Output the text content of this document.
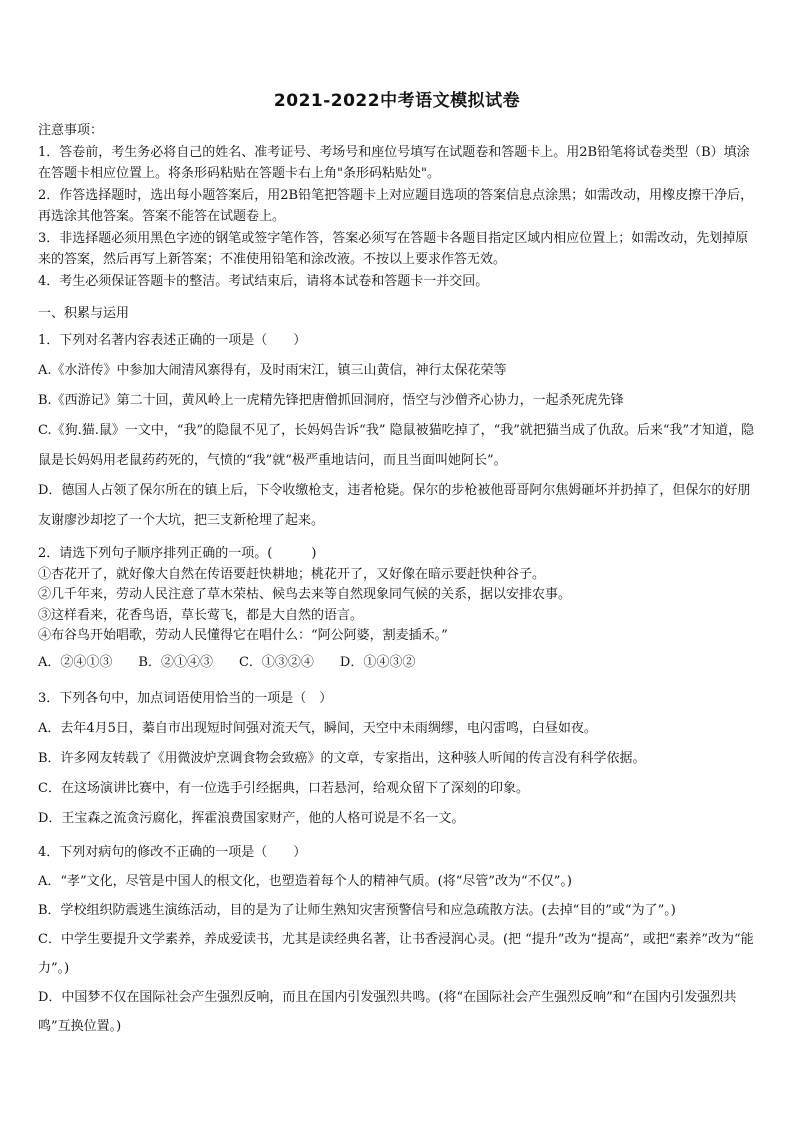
2021-2022中考语文模拟试卷

注意事项：

1．答卷前，考生务必将自己的姓名、准考证号、考场号和座位号填写在试题卷和答题卡上。用2B铅笔将试卷类型（B）填涂在答题卡相应位置上。将条形码粘贴在答题卡右上角"条形码粘贴处"。

2．作答选择题时，选出每小题答案后，用2B铅笔把答题卡上对应题目选项的答案信息点涂黑；如需改动，用橡皮擦干净后，再选涂其他答案。答案不能答在试题卷上。

3．非选择题必须用黑色字迹的钢笔或签字笔作答，答案必须写在答题卡各题目指定区域内相应位置上；如需改动，先划掉原来的答案，然后再写上新答案；不准使用铅笔和涂改液。不按以上要求作答无效。

4．考生必须保证答题卡的整洁。考试结束后，请将本试卷和答题卡一并交回。

一、积累与运用

1．下列对名著内容表述正确的一项是（　　）

A.《水浒传》中参加大闹清风寨得有，及时雨宋江，镇三山黄信，神行太保花荣等

B.《西游记》第二十回，黄风岭上一虎精先锋把唐僧抓回洞府，悟空与沙僧齐心协力，一起杀死虎先锋

C.《狗.猫.鼠》一文中，“我”的隐鼠不见了，长妈妈告诉“我” 隐鼠被猫吃掉了，“我”就把猫当成了仇敌。后来“我”才知道，隐鼠是长妈妈用老鼠药药死的，气愤的“我”就“极严重地诘问，而且当面叫她阿长”。

D．德国人占领了保尔所在的镇上后，下令收缴枪支，违者枪毙。保尔的步枪被他哥哥阿尔焦姆砸坏并扔掉了，但保尔的好朋友谢廖沙却挖了一个大坑，把三支新枪埋了起来。

2．请选下列句子顺序排列正确的一项。(　　　)

①杏花开了，就好像大自然在传语要赶快耕地；桃花开了，又好像在暗示要赶快种谷子。

②几千年来，劳动人民注意了草木荣枯、候鸟去来等自然现象同气候的关系，据以安排农事。

③这样看来，花香鸟语，草长莺飞，都是大自然的语言。

④布谷鸟开始唱歌，劳动人民懂得它在唱什么：“阿公阿婆，割麦插禾。”

A．②④①③ B．②①④③ C．①③②④ D．①④③②

3．下列各句中，加点词语使用恰当的一项是（　）

A．去年4月5日，蓁自市出现短时间强对流天气，瞬间，天空中未雨绸缪，电闪雷鸣，白昼如夜。

B．许多网友转载了《用微波炉烹调食物会致癌》的文章，专家指出，这种骇人听闻的传言没有科学依据。

C．在这场演讲比赛中，有一位选手引经据典，口若悬河，给观众留下了深刻的印象。

D．王宝森之流贪污腐化，挥霍浪费国家财产，他的人格可说是不名一文。

4．下列对病句的修改不正确的一项是（　　）

A．“孝”文化，尽管是中国人的根文化，也塑造着每个人的精神气质。(将“尽管”改为“不仅”。)

B．学校组织防震逃生演练活动，目的是为了让师生熟知灾害预警信号和应急疏散方法。(去掉“目的”或“为了”。)

C．中学生要提升文学素养，养成爱读书，尤其是读经典名著，让书香浸润心灵。(把 “提升”改为“提高”，或把“素养”改为“能力”。)

D．中国梦不仅在国际社会产生强烈反响，而且在国内引发强烈共鸣。(将“在国际社会产生强烈反响”和“在国内引发强烈共鸣”互换位置。)
